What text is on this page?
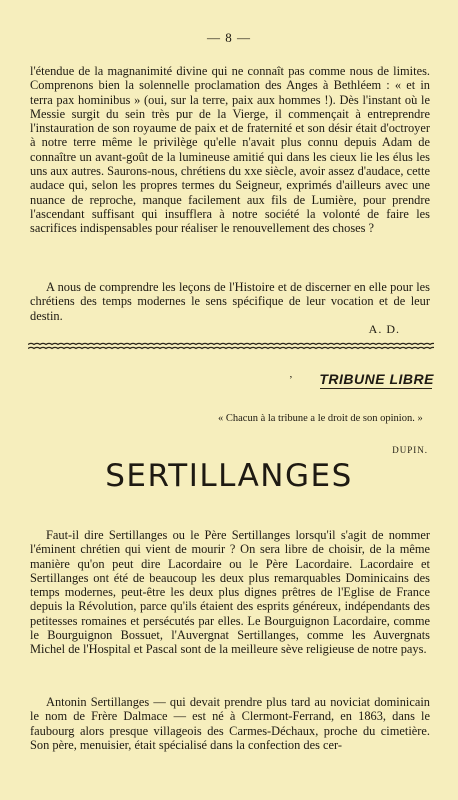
— 8 —

l'étendue de la magnanimité divine qui ne connaît pas comme nous de limites. Comprenons bien la solennelle proclamation des Anges à Bethléem : « et in terra pax hominibus » (oui, sur la terre, paix aux hommes !). Dès l'instant où le Messie surgit du sein très pur de la Vierge, il commençait à entreprendre l'instauration de son royaume de paix et de fraternité et son désir était d'octroyer à notre terre même le privilège qu'elle n'avait plus connu depuis Adam de connaître un avant-goût de la lumineuse amitié qui dans les cieux lie les élus les uns aux autres. Saurons-nous, chrétiens du xxe siècle, avoir assez d'audace, cette audace qui, selon les propres termes du Seigneur, exprimés d'ailleurs avec une nuance de reproche, manque facilement aux fils de Lumière, pour prendre l'ascendant suffisant qui insufflera à notre société la volonté de faire les sacrifices indispensables pour réaliser le renouvellement des choses ?

A nous de comprendre les leçons de l'Histoire et de discerner en elle pour les chrétiens des temps modernes le sens spécifique de leur vocation et de leur destin.

A. D.
ʼ TRIBUNE LIBRE
« Chacun à la tribune a le droit de son opinion. »
DUPIN.
SERTILLANGES

Faut-il dire Sertillanges ou le Père Sertillanges lorsqu'il s'agit de nommer l'éminent chrétien qui vient de mourir ? On sera libre de choisir, de la même manière qu'on peut dire Lacordaire ou le Père Lacordaire. Lacordaire et Sertillanges ont été de beaucoup les deux plus remarquables Dominicains des temps modernes, peut-être les deux plus dignes prêtres de l'Eglise de France depuis la Révolution, parce qu'ils étaient des esprits généreux, indépendants des petitesses romaines et persécutés par elles. Le Bourguignon Lacordaire, comme le Bourguignon Bossuet, l'Auvergnat Sertillanges, comme les Auvergnats Michel de l'Hospital et Pascal sont de la meilleure sève religieuse de notre pays.

Antonin Sertillanges — qui devait prendre plus tard au noviciat dominicain le nom de Frère Dalmace — est né à Clermont-Ferrand, en 1863, dans le faubourg alors presque villageois des Carmes-Déchaux, proche du cimetière. Son père, menuisier, était spécialisé dans la confection des cer-
